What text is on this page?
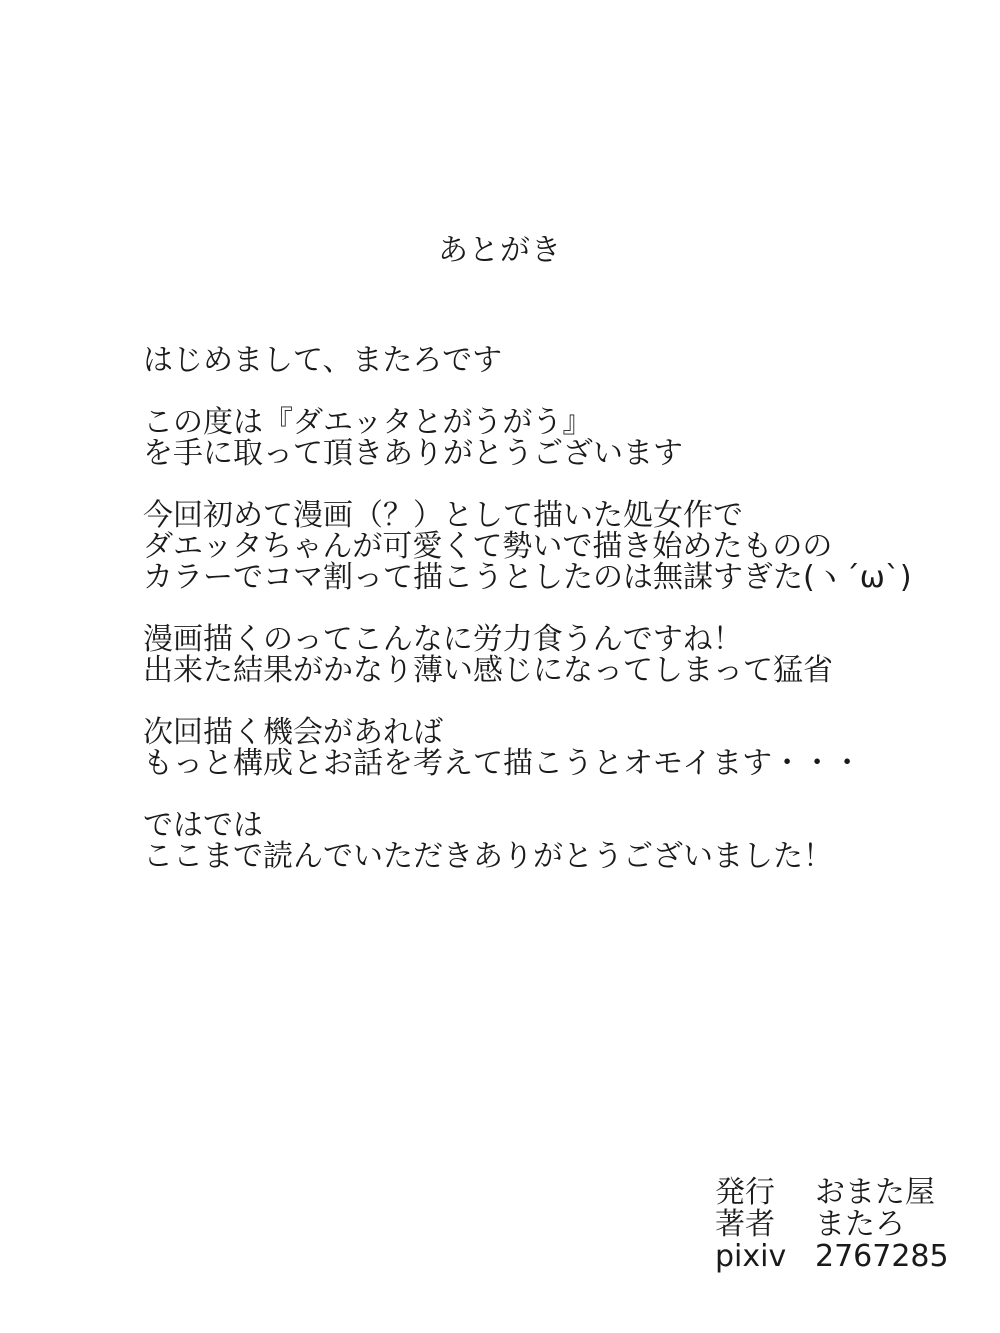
あとがき
はじめまして、またろです
この度は『ダエッタとがうがう』
を手に取って頂きありがとうございます
今回初めて漫画（？）として描いた処女作で
ダエッタちゃんが可愛くて勢いで描き始めたものの
カラーでコマ割って描こうとしたのは無謀すぎた(ヽ´ω`)
漫画描くのってこんなに労力食うんですね！
出来た結果がかなり薄い感じになってしまって猛省
次回描く機会があれば
もっと構成とお話を考えて描こうとオモイます・・・
ではでは
ここまで読んでいただきありがとうございました！
発行 おまた屋
著者 またろ
pixiv 2767285
